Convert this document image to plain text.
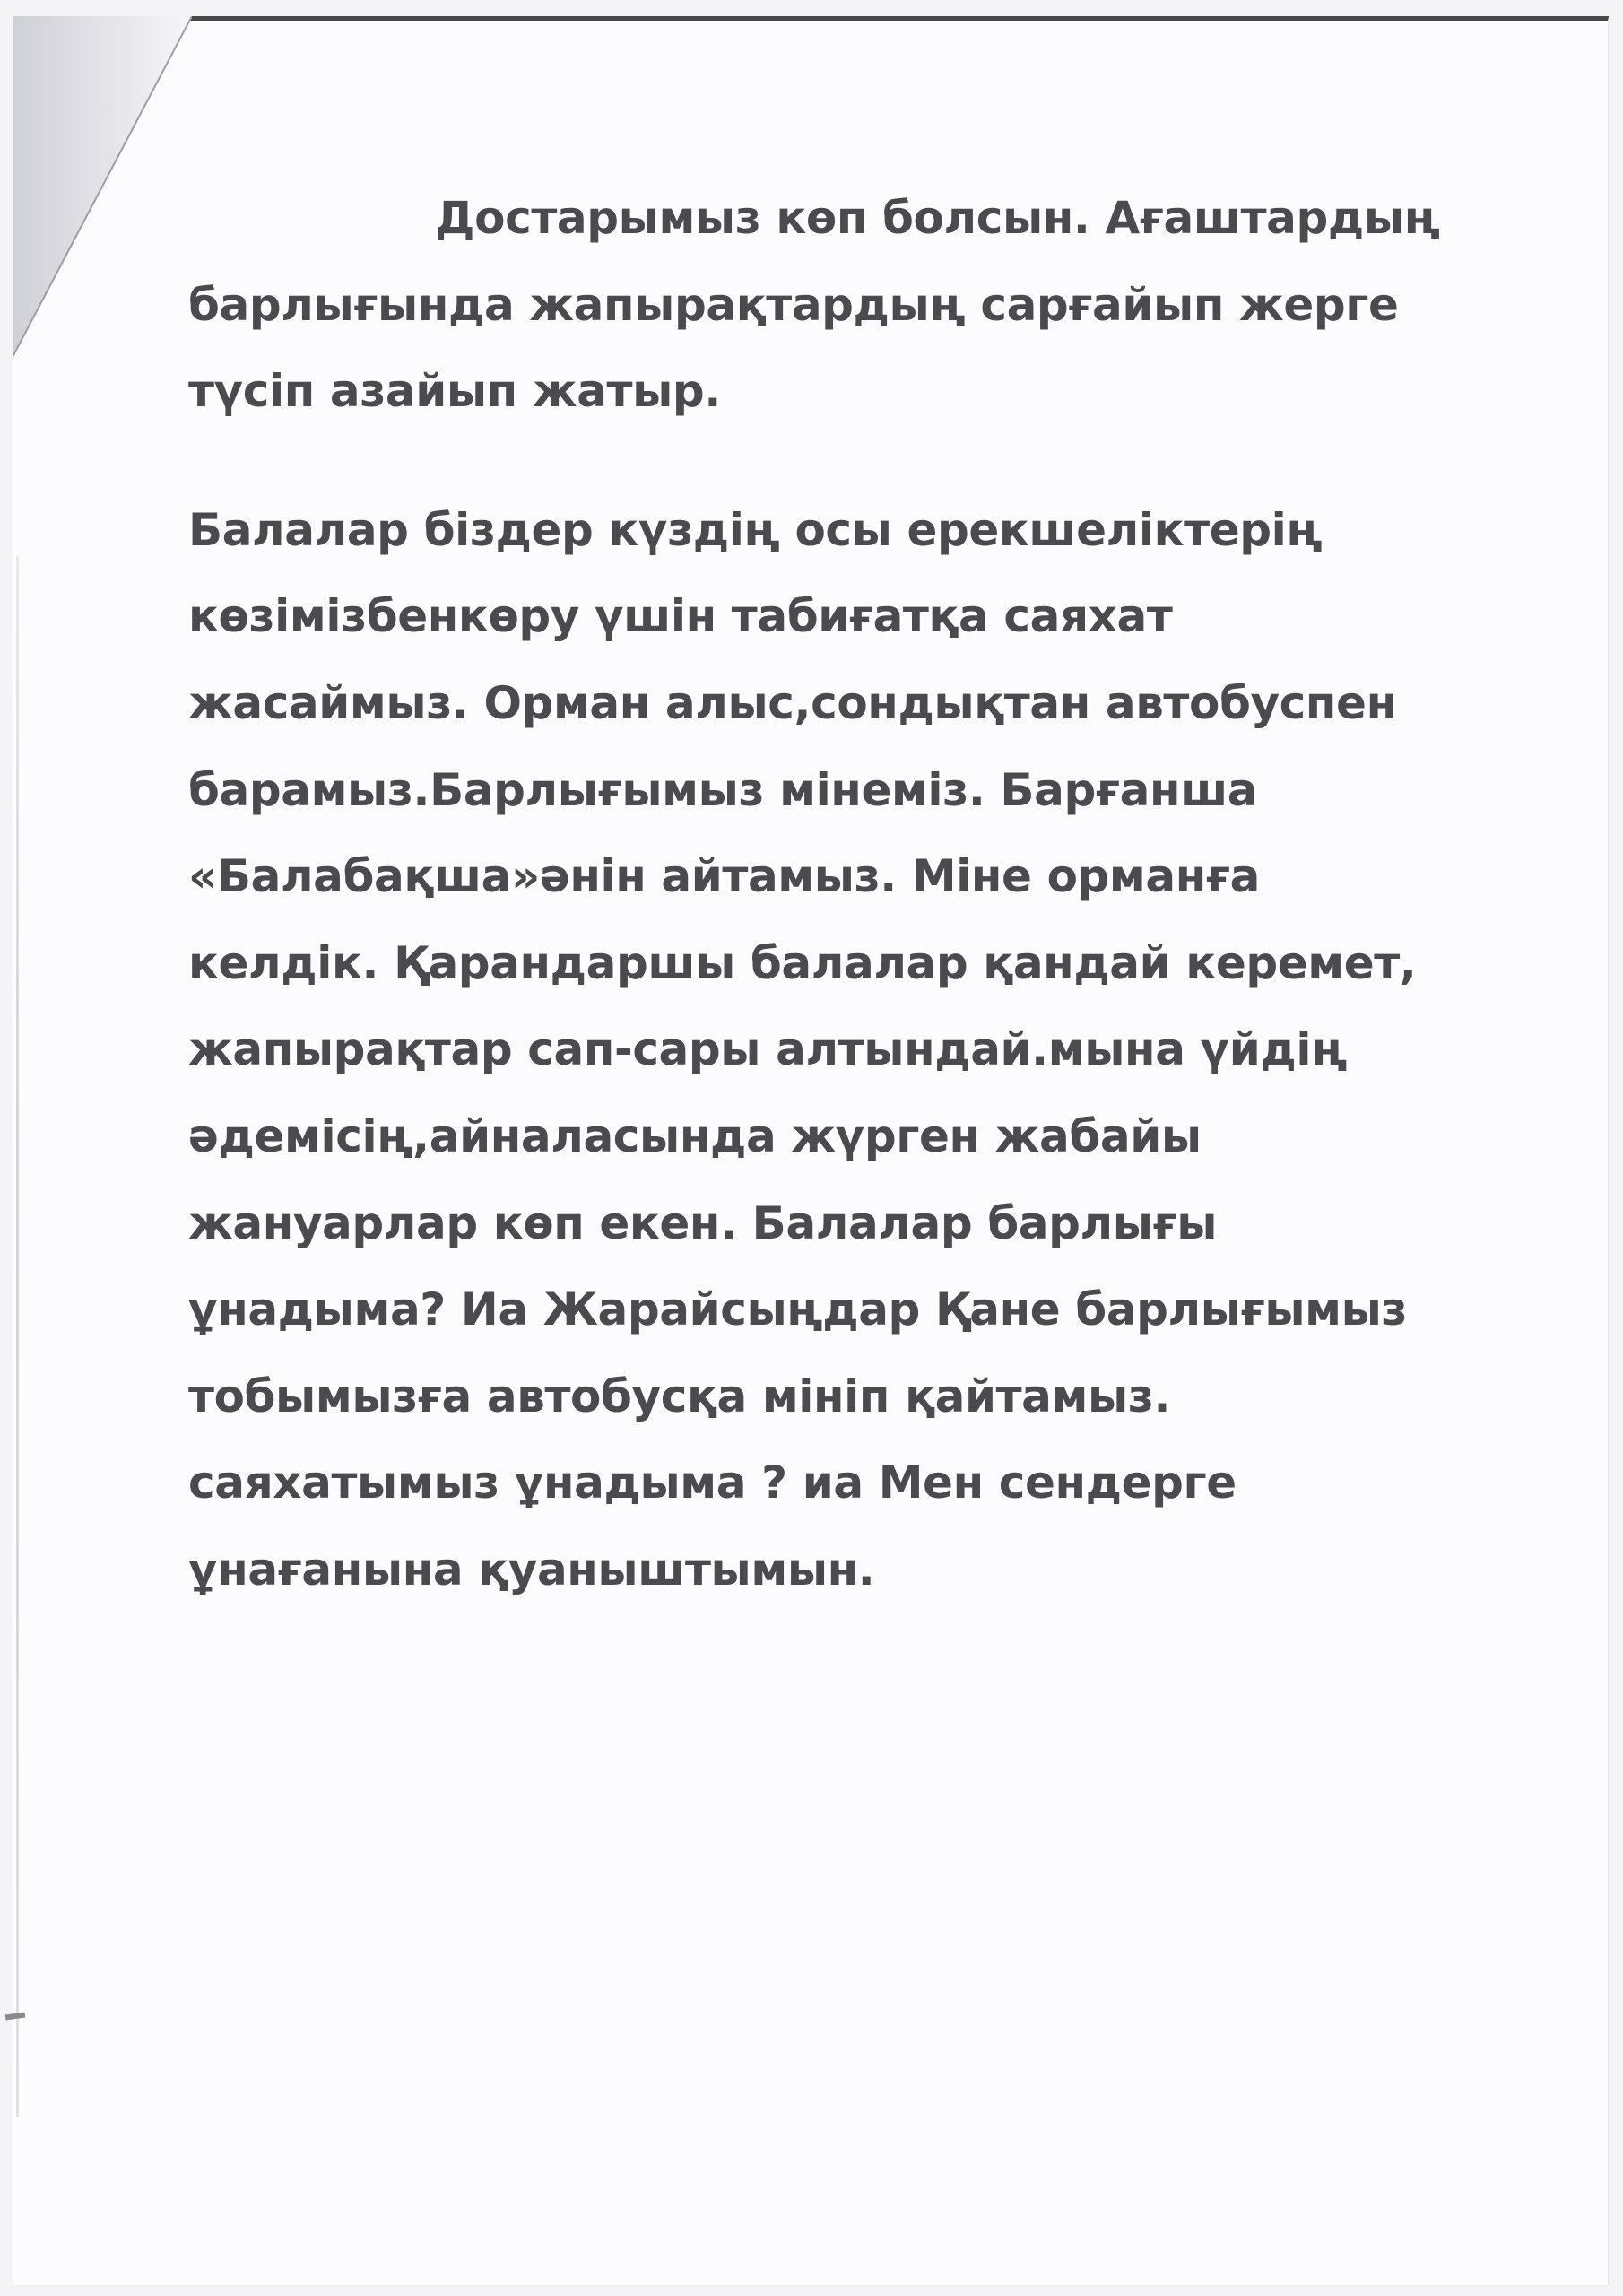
Достарымыз көп болсын. Ағаштардың
барлығында жапырақтардың сарғайып жерге
түсіп азайып жатыр.
Балалар біздер күздің осы ерекшеліктерің
көзімізбенкөру үшін табиғатқа саяхат
жасаймыз. Орман алыс,сондықтан автобуспен
барамыз.Барлығымыз мінеміз. Барғанша
«Балабақша»әнін айтамыз. Міне орманға
келдік. Қарандаршы балалар қандай керемет,
жапырақтар сап-сары алтындай.мына үйдің
әдемісің,айналасында жүрген жабайы
жануарлар көп екен. Балалар барлығы
ұнадыма? Иа Жарайсыңдар Қане барлығымыз
тобымызға автобусқа мініп қайтамыз.
саяхатымыз ұнадыма ? иа Мен сендерге
ұнағанына қуаныштымын.
